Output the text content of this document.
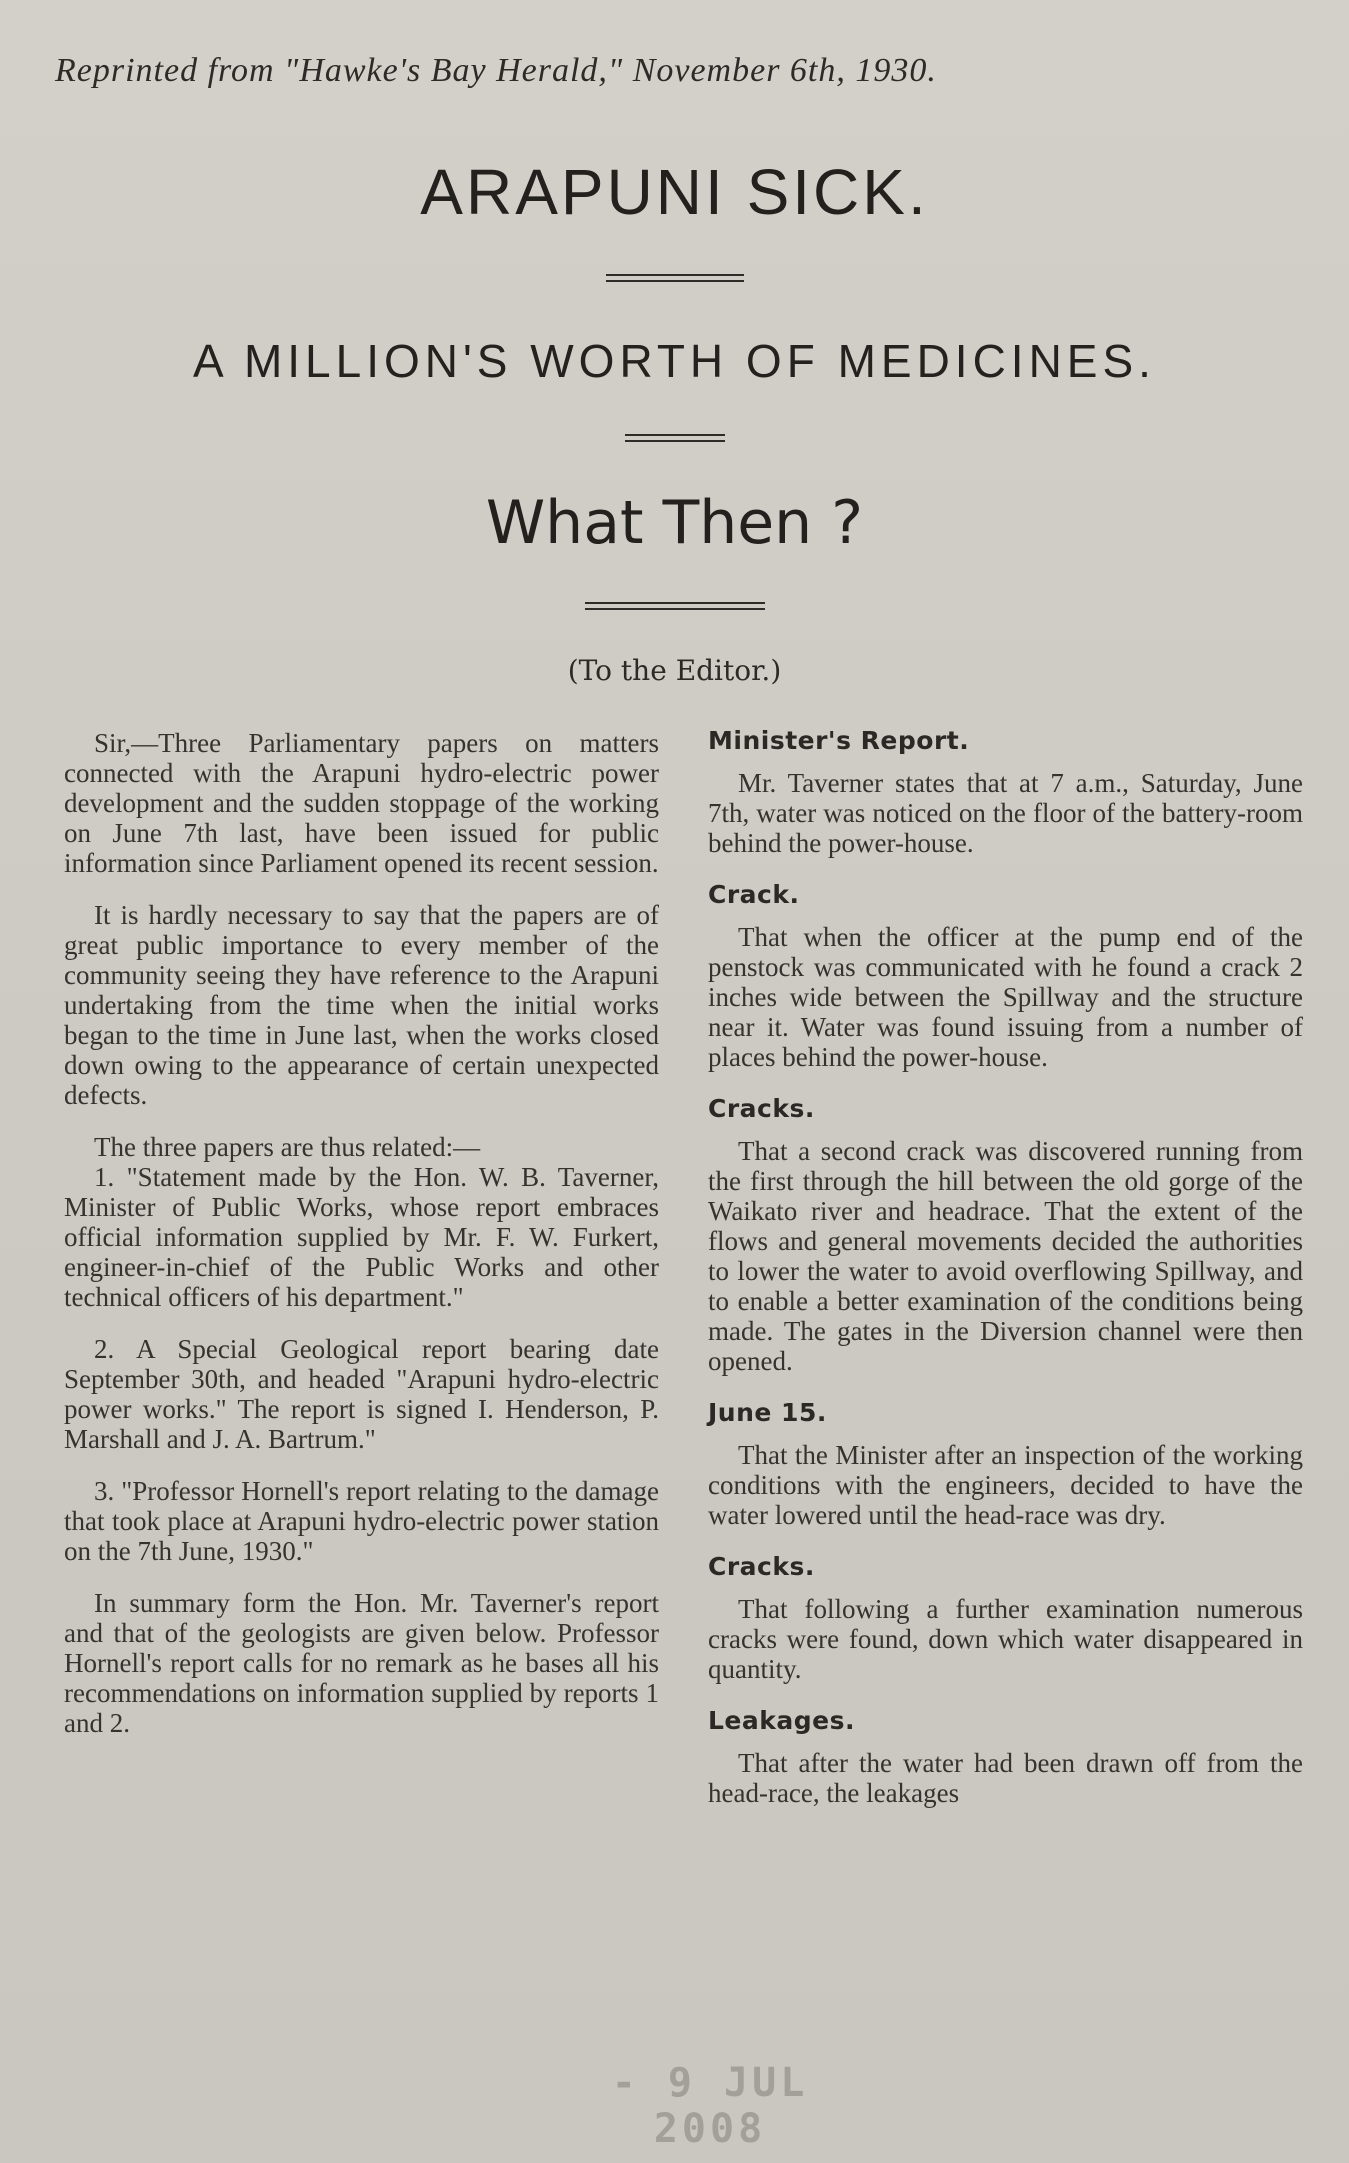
Reprinted from "Hawke's Bay Herald," November 6th, 1930.
ARAPUNI SICK.
A MILLION'S WORTH OF MEDICINES.
What Then ?
(To the Editor.)

Sir,—Three Parliamentary papers on matters connected with the Arapuni hydro-electric power development and the sudden stoppage of the working on June 7th last, have been issued for public information since Parliament opened its recent session.

It is hardly necessary to say that the papers are of great public importance to every member of the community seeing they have reference to the Arapuni undertaking from the time when the initial works began to the time in June last, when the works closed down owing to the appearance of certain unexpected defects.

The three papers are thus related:—

1. "Statement made by the Hon. W. B. Taverner, Minister of Public Works, whose report embraces official information supplied by Mr. F. W. Furkert, engineer-in-chief of the Public Works and other technical officers of his department."

2. A Special Geological report bearing date September 30th, and headed "Arapuni hydro-electric power works." The report is signed I. Henderson, P. Marshall and J. A. Bartrum."

3. "Professor Hornell's report relating to the damage that took place at Arapuni hydro-electric power station on the 7th June, 1930."

In summary form the Hon. Mr. Taverner's report and that of the geologists are given below. Professor Hornell's report calls for no remark as he bases all his recommendations on information supplied by reports 1 and 2.

Minister's Report.

Mr. Taverner states that at 7 a.m., Saturday, June 7th, water was noticed on the floor of the battery-room behind the power-house.

Crack.

That when the officer at the pump end of the penstock was communicated with he found a crack 2 inches wide between the Spillway and the structure near it. Water was found issuing from a number of places behind the power-house.

Cracks.

That a second crack was discovered running from the first through the hill between the old gorge of the Waikato river and headrace. That the extent of the flows and general movements decided the authorities to lower the water to avoid overflowing Spillway, and to enable a better examination of the conditions being made. The gates in the Diversion channel were then opened.

June 15.

That the Minister after an inspection of the working conditions with the engineers, decided to have the water lowered until the head-race was dry.

Cracks.

That following a further examination numerous cracks were found, down which water disappeared in quantity.

Leakages.

That after the water had been drawn off from the head-race, the leakages

- 9 JUL 2008
